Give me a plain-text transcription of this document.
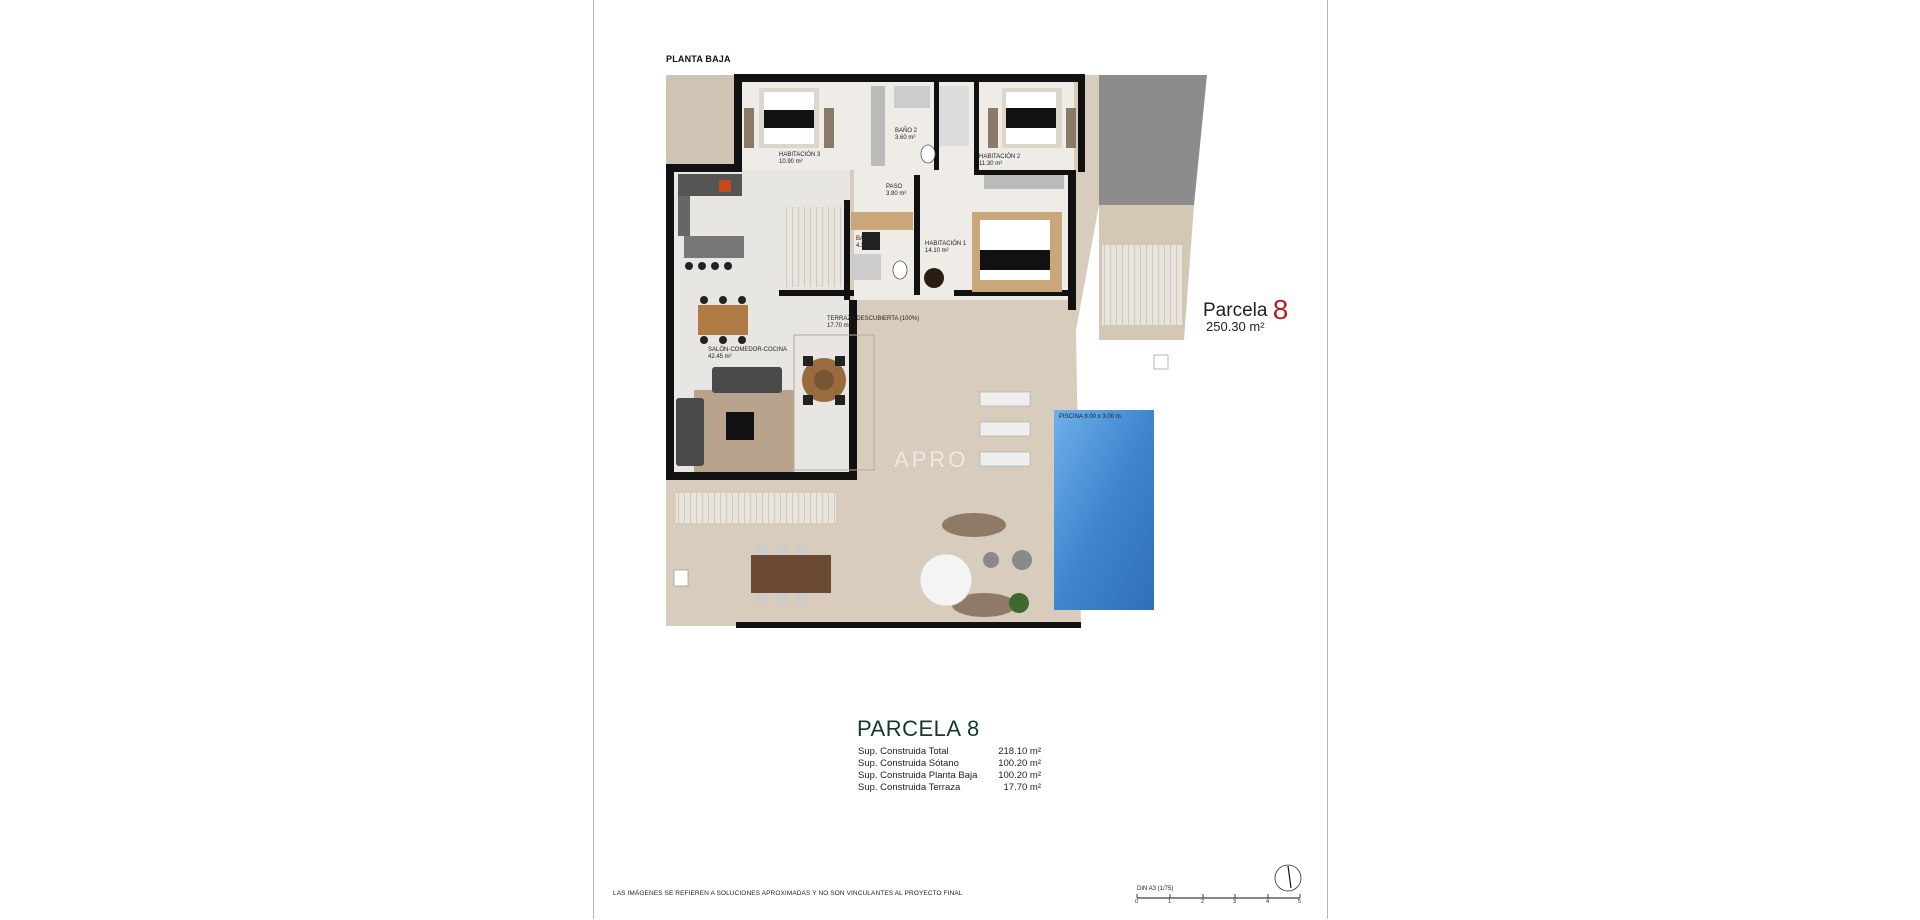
PLANTA BAJA
HABITACIÓN 3
10.90 m²
BAÑO 2
3.60 m²
HABITACIÓN 2
11.30 m²
PASO
3.90 m²
BAÑO 1
4.30 m²	HABITACIÓN 1
14.10 m²
TERRAZA DESCUBIERTA (100%)
17.70 m²
SALÓN-COMEDOR-COCINA
42.45 m²
PISCINA 8.00 x 3.00 m.
APRO
Parcela 8
250.30 m²
PARCELA 8
Sup. Construida Total	218.10 m²
Sup. Construida Sótano	100.20 m²
Sup. Construida Planta Baja	100.20 m²
Sup. Construida Terraza	17.70 m²
LAS IMÁGENES SE REFIEREN A SOLUCIONES APROXIMADAS Y NO SON VINCULANTES AL PROYECTO FINAL
DIN A3 (1/75)
0	1	2	3	4	5
